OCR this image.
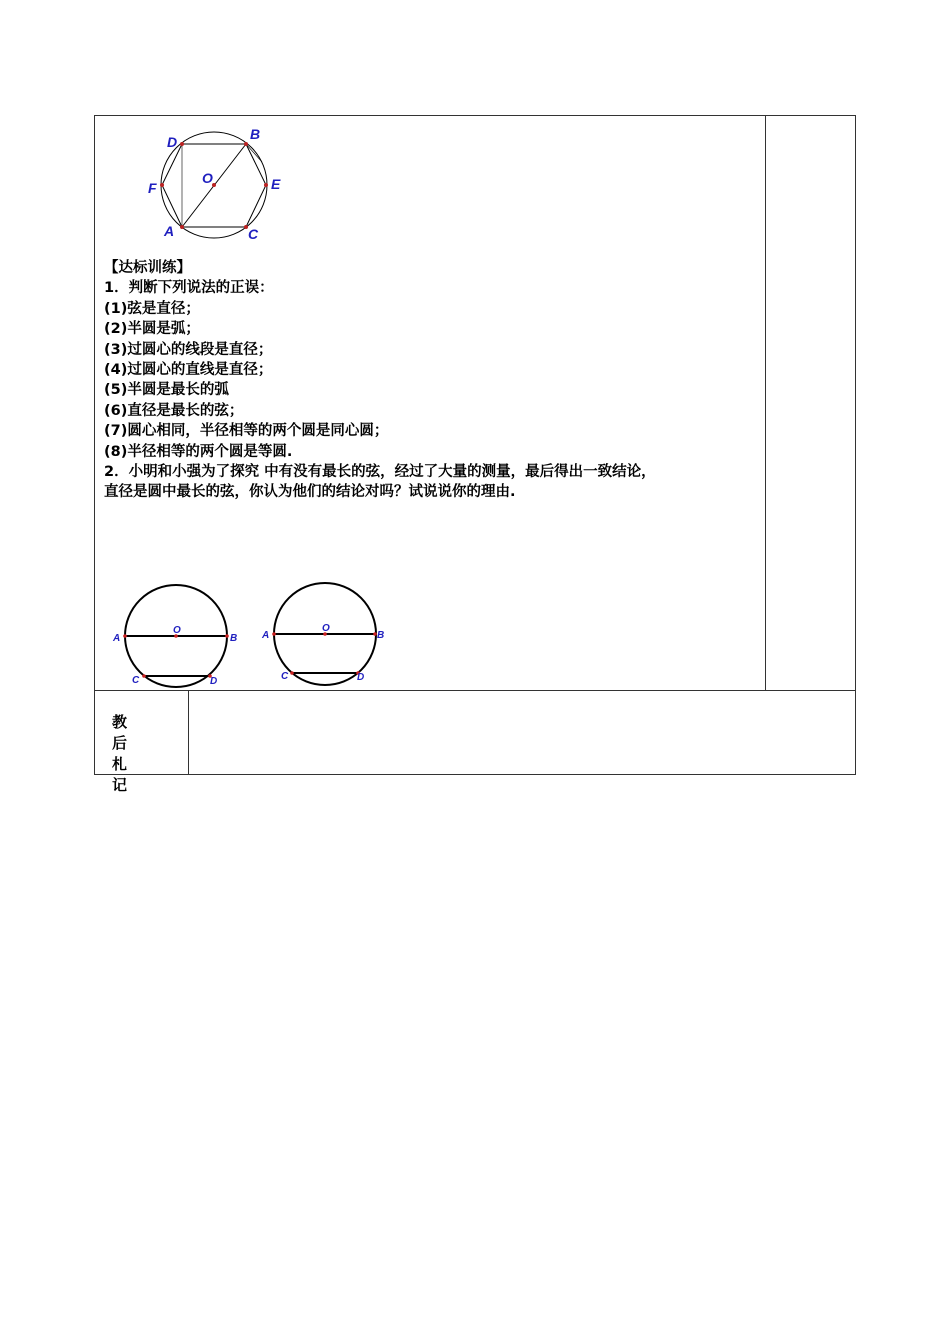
D	B
O
F	E
A	C
【达标训练】
1．判断下列说法的正误：
(1)弦是直径；
(2)半圆是弧；
(3)过圆心的线段是直径；
(4)过圆心的直线是直径；
(5)半圆是最长的弧
(6)直径是最长的弦；
(7)圆心相同，半径相等的两个圆是同心圆；
(8)半径相等的两个圆是等圆.
2．小明和小强为了探究 中有没有最长的弦，经过了大量的测量，最后得出一致结论，
直径是圆中最长的弦，你认为他们的结论对吗？试说说你的理由.
A
O
B
C	D
A
O
B
C	D
教后
札记
